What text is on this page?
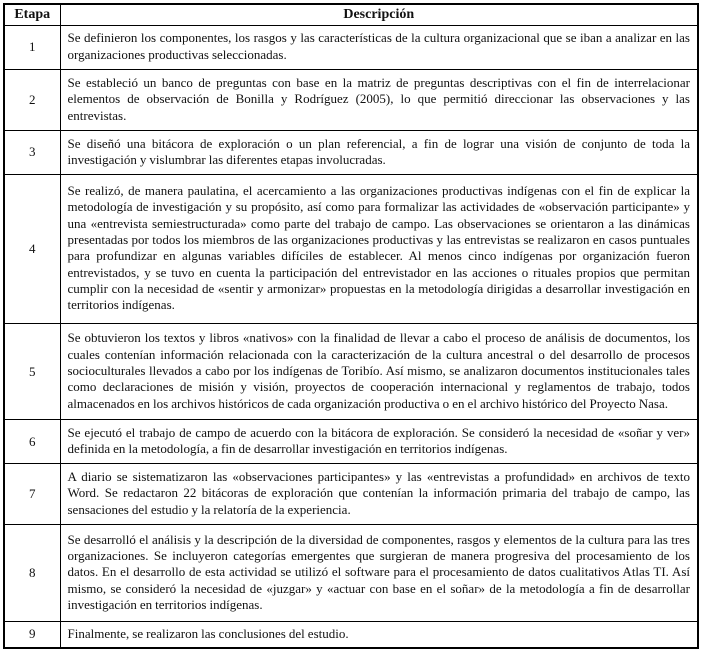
Etapa	Descripción
1	Se definieron los componentes, los rasgos y las características de la cultura organizacional que se iban a analizar en las organizaciones productivas seleccionadas.
2	Se estableció un banco de preguntas con base en la matriz de preguntas descriptivas con el fin de interrelacionar elementos de observación de Bonilla y Rodríguez (2005), lo que permitió direccionar las observaciones y las entrevistas.
3	Se diseñó una bitácora de exploración o un plan referencial, a fin de lograr una visión de conjunto de toda la investigación y vislumbrar las diferentes etapas involucradas.
4	Se realizó, de manera paulatina, el acercamiento a las organizaciones productivas indígenas con el fin de explicar la metodología de investigación y su propósito, así como para formalizar las actividades de «observación participante» y una «entrevista semiestructurada» como parte del trabajo de campo. Las observaciones se orientaron a las dinámicas presentadas por todos los miembros de las organizaciones productivas y las entrevistas se realizaron en casos puntuales para profundizar en algunas variables difíciles de establecer. Al menos cinco indígenas por organización fueron entrevistados, y se tuvo en cuenta la participación del entrevistador en las acciones o rituales propios que permitan cumplir con la necesidad de «sentir y armonizar» propuestas en la metodología dirigidas a desarrollar investigación en territorios indígenas.
5	Se obtuvieron los textos y libros «nativos» con la finalidad de llevar a cabo el proceso de análisis de documentos, los cuales contenían información relacionada con la caracterización de la cultura ancestral o del desarrollo de procesos socioculturales llevados a cabo por los indígenas de Toribío. Así mismo, se analizaron documentos institucionales tales como declaraciones de misión y visión, proyectos de cooperación internacional y reglamentos de trabajo, todos almacenados en los archivos históricos de cada organización productiva o en el archivo histórico del Proyecto Nasa.
6	Se ejecutó el trabajo de campo de acuerdo con la bitácora de exploración. Se consideró la necesidad de «soñar y ver» definida en la metodología, a fin de desarrollar investigación en territorios indígenas.
7	A diario se sistematizaron las «observaciones participantes» y las «entrevistas a profundidad» en archivos de texto Word. Se redactaron 22 bitácoras de exploración que contenían la información primaria del trabajo de campo, las sensaciones del estudio y la relatoría de la experiencia.
8	Se desarrolló el análisis y la descripción de la diversidad de componentes, rasgos y elementos de la cultura para las tres organizaciones. Se incluyeron categorías emergentes que surgieran de manera progresiva del procesamiento de los datos. En el desarrollo de esta actividad se utilizó el software para el procesamiento de datos cualitativos Atlas TI. Así mismo, se consideró la necesidad de «juzgar» y «actuar con base en el soñar» de la metodología a fin de desarrollar investigación en territorios indígenas.
9	Finalmente, se realizaron las conclusiones del estudio.
